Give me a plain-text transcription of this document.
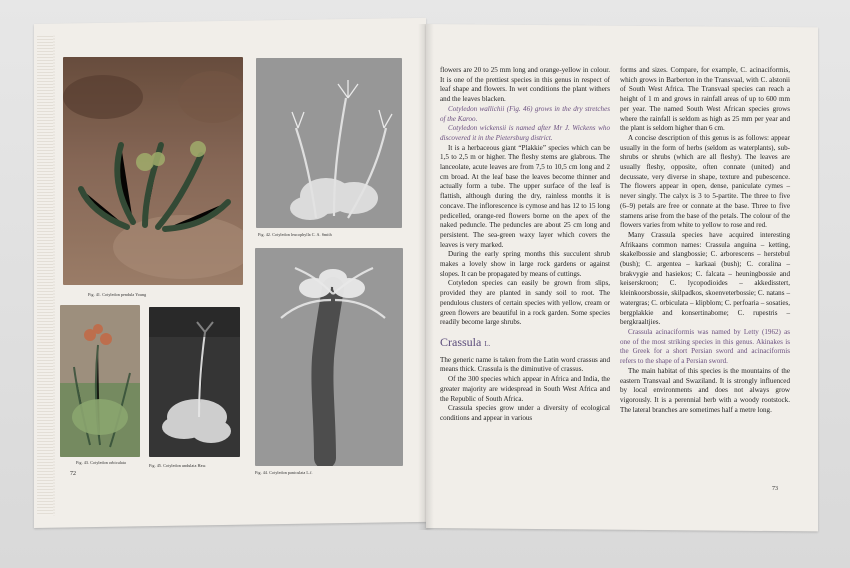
Fig. 41. Cotyledon pendula Young
Fig. 42. Cotyledon leucophylla C. A. Smith
Fig. 43. Cotyledon orbiculata
Fig. 45. Cotyledon undulata Haw.
Fig. 44. Cotyledon paniculata L.f.
72

flowers are 20 to 25 mm long and orange-yellow in colour. It is one of the prettiest species in this genus in respect of leaf shape and flowers. In wet conditions the plant withers and the leaves blacken.

Cotyledon wallichii (Fig. 46) grows in the dry stretches of the Karoo.

Cotyledon wickensii is named after Mr J. Wickens who discovered it in the Pietersburg district.

It is a herbaceous giant “Plakkie” species which can be 1,5 to 2,5 m or higher. The fleshy stems are glabrous. The lanceolate, acute leaves are from 7,5 to 10,5 cm long and 2 cm broad. At the leaf base the leaves become thinner and actually form a tube. The upper surface of the leaf is flattish, although during the dry, rainless months it is concave. The inflorescence is cymose and has 12 to 15 long pedicelled, orange-red flowers borne on the apex of the naked peduncle. The peduncles are about 25 cm long and persistent. The sea-green waxy layer which covers the leaves is very marked.

During the early spring months this succulent shrub makes a lovely show in large rock gardens or against slopes. It can be propagated by means of cuttings.

Cotyledon species can easily be grown from slips, provided they are planted in sandy soil to root. The pendulous clusters of certain species with yellow, cream or green flowers are beautiful in a rock garden. Some species readily become large shrubs.

Crassula L.

The generic name is taken from the Latin word crassus and means thick. Crassula is the diminutive of crassus.

Of the 300 species which appear in Africa and India, the greater majority are widespread in South West Africa and the Republic of South Africa.

Crassula species grow under a diversity of ecological conditions and appear in various

forms and sizes. Compare, for example, C. acinaciformis, which grows in Barberton in the Transvaal, with C. alstonii of South West Africa. The Transvaal species can reach a height of 1 m and grows in rainfall areas of up to 600 mm per year. The named South West African species grows where the rainfall is seldom as high as 25 mm per year and the plant is seldom higher than 6 cm.

A concise description of this genus is as follows: appear usually in the form of herbs (seldom as waterplants), sub-shrubs or shrubs (which are all fleshy). The leaves are usually fleshy, opposite, often connate (united) and decussate, very diverse in shape, texture and pubescence. The flowers appear in open, dense, paniculate cymes – never singly. The calyx is 3 to 5-partite. The three to five (6–9) petals are free or connate at the base. Three to five stamens arise from the base of the petals. The colour of the flowers varies from white to yellow to rose and red.

Many Crassula species have acquired interesting Afrikaans common names: Crassula anguina – ketting, skakelbossie and slangbossie; C. arborescens – herstebul (bush); C. argentea – karkaai (bush); C. coralina – brakvygie and hasiekos; C. falcata – heuningbossie and keiserskroon; C. lycopodioides – akkedisstert, kleinkoorsbossie, skilpadkos, skoenveterbossie; C. natans – watergras; C. orbiculata – klipblom; C. perfoaria – sosaties, bergplakkie and konsertinabome; C. rupestris – bergkraaltjies.

Crassula acinaciformis was named by Letty (1962) as one of the most striking species in this genus. Akinakes is the Greek for a short Persian sword and acinaciformis refers to the shape of a Persian sword.

The main habitat of this species is the mountains of the eastern Transvaal and Swaziland. It is strongly influenced by local environments and does not always grow vigorously. It is a perennial herb with a woody rootstock. The lateral branches are sometimes half a metre long.

73
